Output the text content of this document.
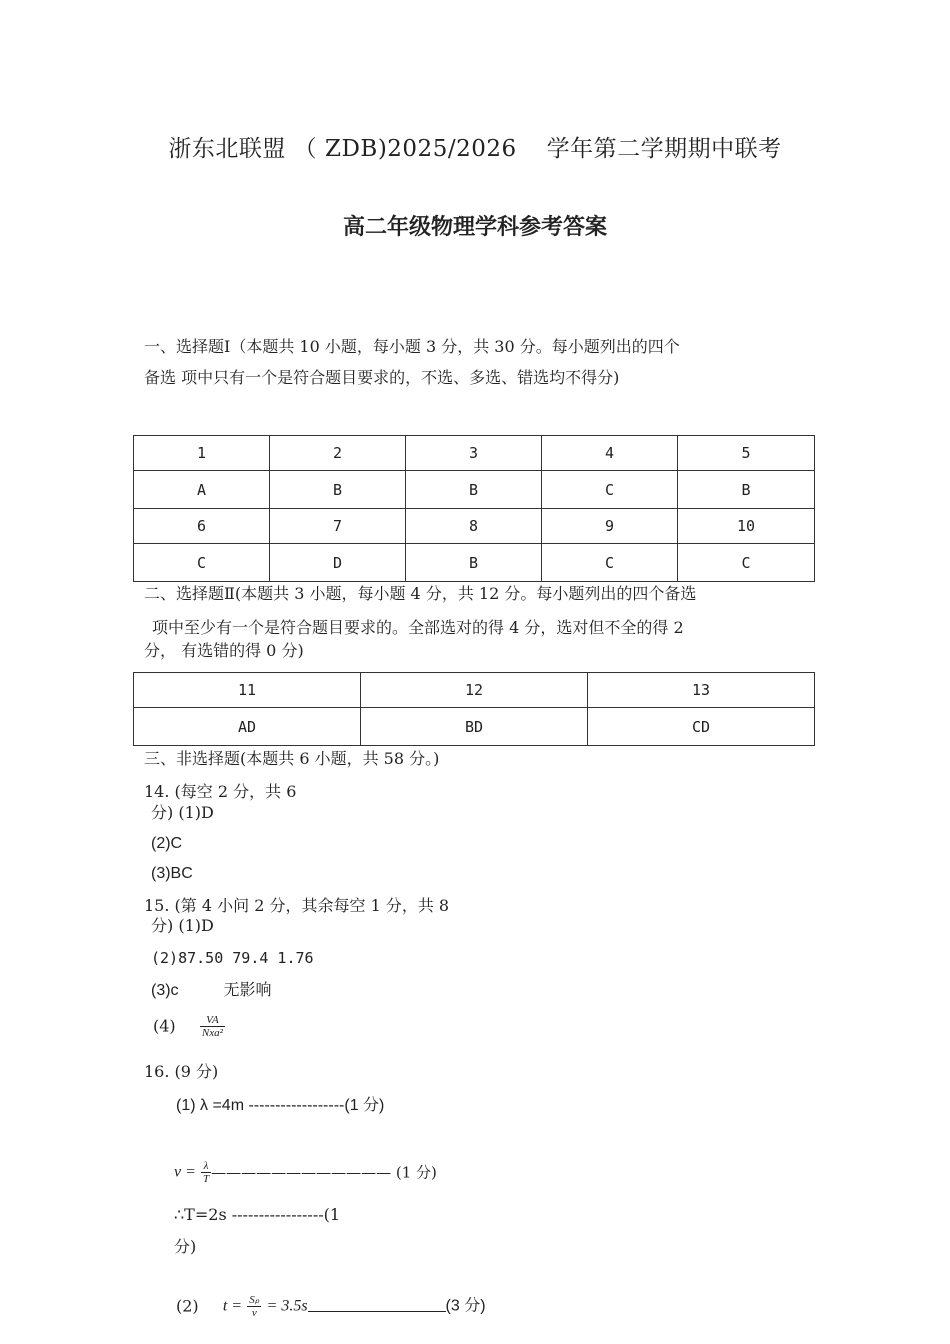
浙东北联盟 （ ZDB)2025/2026 学年第二学期期中联考
高二年级物理学科参考答案
一、选择题Ⅰ（本题共 10 小题，每小题 3 分，共 30 分。每小题列出的四个
备选 项中只有一个是符合题目要求的，不选、多选、错选均不得分)
1	2	3	4	5
A	B	B	C	B
6	7	8	9	10
C	D	B	C	C
二、选择题Ⅱ(本题共 3 小题，每小题 4 分，共 12 分。每小题列出的四个备选
项中至少有一个是符合题目要求的。全部选对的得 4 分，选对但不全的得 2
分， 有选错的得 0 分)
11	12	13
AD	BD	CD
三、非选择题(本题共 6 小题，共 58 分。)
14. (每空 2 分，共 6
分) (1)D
(2)C
(3)BC
15. (第 4 小问 2 分，其余每空 1 分，共 8
分) (1)D
(2)87.50 79.4 1.76
(3)c	无影响
$(4) \frac{VA}{\text{Nxa²}}$
16. (9 分)
(1) λ =4m ------------------(1 分)
$v = \frac{\lambda}{T}$ ———————————— (1 分)
∴T=2s -----------------(1
分)
(2) $t = \frac{\text{Sₚ}}{v} = 3.5s$	(3 分)
